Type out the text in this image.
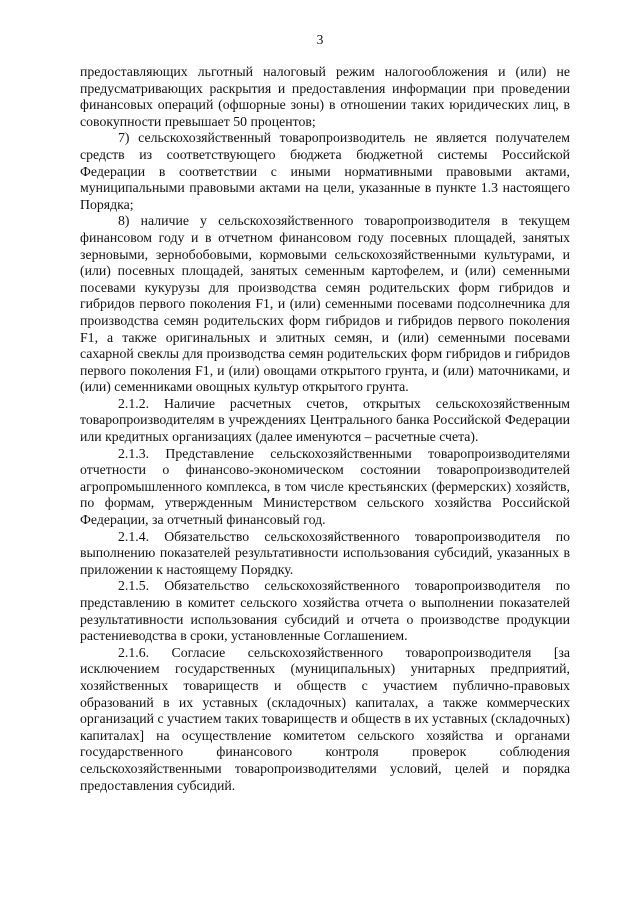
3

предоставляющих льготный налоговый режим налогообложения и (или) не предусматривающих раскрытия и предоставления информации при проведении финансовых операций (офшорные зоны) в отношении таких юридических лиц, в совокупности превышает 50 процентов;

7) сельскохозяйственный товаропроизводитель не является получателем средств из соответствующего бюджета бюджетной системы Российской Федерации в соответствии с иными нормативными правовыми актами, муниципальными правовыми актами на цели, указанные в пункте 1.3 настоящего Порядка;

8) наличие у сельскохозяйственного товаропроизводителя в текущем финансовом году и в отчетном финансовом году посевных площадей, занятых зерновыми, зернобобовыми, кормовыми сельскохозяйственными культурами, и (или) посевных площадей, занятых семенным картофелем, и (или) семенными посевами кукурузы для производства семян родительских форм гибридов и гибридов первого поколения F1, и (или) семенными посевами подсолнечника для производства семян родительских форм гибридов и гибридов первого поколения F1, а также оригинальных и элитных семян, и (или) семенными посевами сахарной свеклы для производства семян родительских форм гибридов и гибридов первого поколения F1, и (или) овощами открытого грунта, и (или) маточниками, и (или) семенниками овощных культур открытого грунта.

2.1.2. Наличие расчетных счетов, открытых сельскохозяйственным товаропроизводителям в учреждениях Центрального банка Российской Федерации или кредитных организациях (далее именуются – расчетные счета).

2.1.3. Представление сельскохозяйственными товаропроизводителями отчетности о финансово-экономическом состоянии товаропроизводителей агропромышленного комплекса, в том числе крестьянских (фермерских) хозяйств, по формам, утвержденным Министерством сельского хозяйства Российской Федерации, за отчетный финансовый год.

2.1.4. Обязательство сельскохозяйственного товаропроизводителя по выполнению показателей результативности использования субсидий, указанных в приложении к настоящему Порядку.

2.1.5. Обязательство сельскохозяйственного товаропроизводителя по представлению в комитет сельского хозяйства отчета о выполнении показателей результативности использования субсидий и отчета о производстве продукции растениеводства в сроки, установленные Соглашением.

2.1.6. Согласие сельскохозяйственного товаропроизводителя [за исключением государственных (муниципальных) унитарных предприятий, хозяйственных товариществ и обществ с участием публично-правовых образований в их уставных (складочных) капиталах, а также коммерческих организаций с участием таких товариществ и обществ в их уставных (складочных) капиталах] на осуществление комитетом сельского хозяйства и органами государственного финансового контроля проверок соблюдения сельскохозяйственными товаропроизводителями условий, целей и порядка предоставления субсидий.
